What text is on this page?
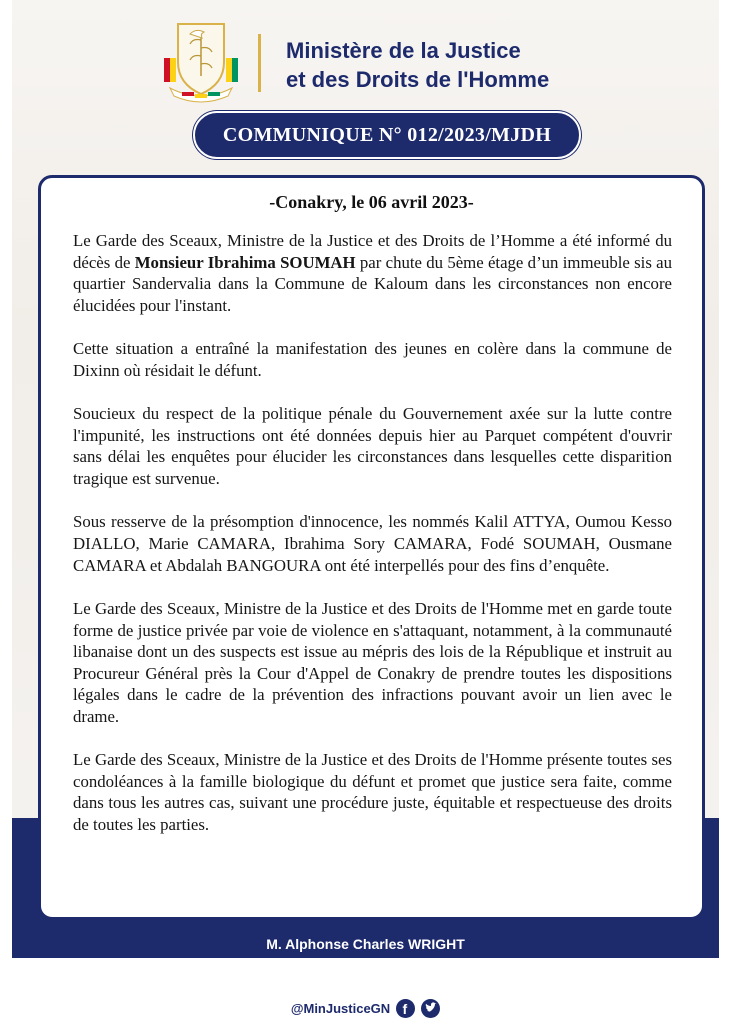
Ministère de la Justice
et des Droits de l'Homme
COMMUNIQUE N° 012/2023/MJDH
-Conakry, le 06 avril 2023-

Le Garde des Sceaux, Ministre de la Justice et des Droits de l’Homme a été informé du décès de Monsieur Ibrahima SOUMAH par chute du 5ème étage d’un immeuble sis au quartier Sandervalia dans la Commune de Kaloum dans les circonstances non encore élucidées pour l'instant.

Cette situation a entraîné la manifestation des jeunes en colère dans la commune de Dixinn où résidait le défunt.

Soucieux du respect de la politique pénale du Gouvernement axée sur la lutte contre l'impunité, les instructions ont été données depuis hier au Parquet compétent d'ouvrir sans délai les enquêtes pour élucider les circonstances dans lesquelles cette disparition tragique est survenue.

Sous resserve de la présomption d'innocence, les nommés Kalil ATTYA, Oumou Kesso DIALLO, Marie CAMARA, Ibrahima Sory CAMARA, Fodé SOUMAH, Ousmane CAMARA et Abdalah BANGOURA ont été interpellés pour des fins d’enquête.

Le Garde des Sceaux, Ministre de la Justice et des Droits de l'Homme met en garde toute forme de justice privée par voie de violence en s'attaquant, notamment, à la communauté libanaise dont un des suspects est issue au mépris des lois de la République et instruit au Procureur Général près la Cour d'Appel de Conakry de prendre toutes les dispositions légales dans le cadre de la prévention des infractions pouvant avoir un lien avec le drame.

Le Garde des Sceaux, Ministre de la Justice et des Droits de l'Homme présente toutes ses condoléances à la famille biologique du défunt et promet que justice sera faite, comme dans tous les autres cas, suivant une procédure juste, équitable et respectueuse des droits de toutes les parties.

M. Alphonse Charles WRIGHT
Ministre de la Justice et des Droits de l'Homme
@MinJusticeGN f
